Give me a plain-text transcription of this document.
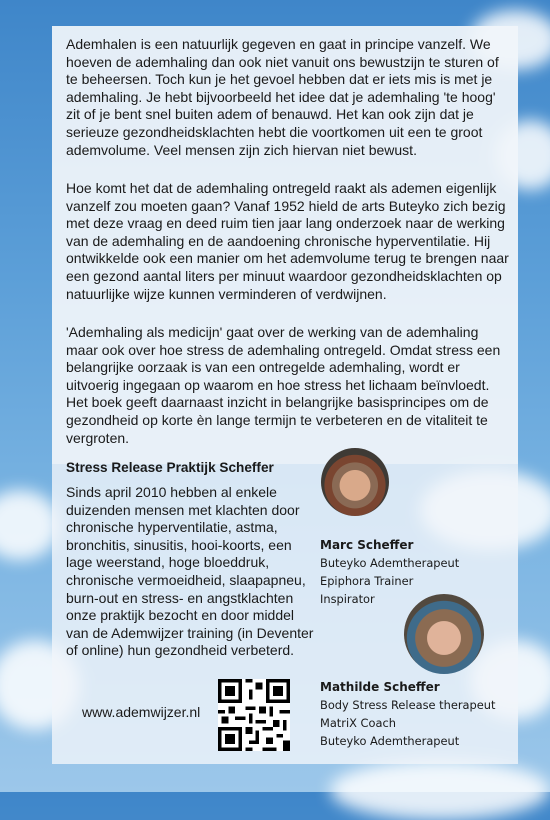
Ademhalen is een natuurlijk gegeven en gaat in principe vanzelf. We hoeven de ademhaling dan ook niet vanuit ons bewustzijn te sturen of te beheersen. Toch kun je het gevoel hebben dat er iets mis is met je ademhaling. Je hebt bijvoorbeeld het idee dat je ademhaling 'te hoog' zit of je bent snel buiten adem of benauwd. Het kan ook zijn dat je serieuze gezondheidsklachten hebt die voortkomen uit een te groot ademvolume. Veel mensen zijn zich hiervan niet bewust.
Hoe komt het dat de ademhaling ontregeld raakt als ademen eigenlijk vanzelf zou moeten gaan? Vanaf 1952 hield de arts Buteyko zich bezig met deze vraag en deed ruim tien jaar lang onderzoek naar de werking van de ademhaling en de aandoening chronische hyperventilatie. Hij ontwikkelde ook een manier om het ademvolume terug te brengen naar een gezond aantal liters per minuut waardoor gezondheidsklachten op natuurlijke wijze kunnen verminderen of verdwijnen.
'Ademhaling als medicijn' gaat over de werking van de ademhaling maar ook over hoe stress de ademhaling ontregeld. Omdat stress een belangrijke oorzaak is van een ontregelde ademhaling, wordt er uitvoerig ingegaan op waarom en hoe stress het lichaam beïnvloedt. Het boek geeft daarnaast inzicht in belangrijke basisprincipes om de gezondheid op korte èn lange termijn te verbeteren en de vitaliteit te vergroten.
Stress Release Praktijk Scheffer
Sinds april 2010 hebben al enkele duizenden mensen met klachten door chronische hyperventilatie, astma, bronchitis, sinusitis, hooi-koorts, een lage weerstand, hoge bloeddruk, chronische vermoeidheid, slaapapneu, burn-out en stress- en angstklachten onze praktijk bezocht en door middel van de Ademwijzer training (in Deventer of online) hun gezondheid verbeterd.
Marc Scheffer
Buteyko Ademtherapeut
Epiphora Trainer
Inspirator
Mathilde Scheffer
Body Stress Release therapeut
MatriX Coach
Buteyko Ademtherapeut
www.ademwijzer.nl
